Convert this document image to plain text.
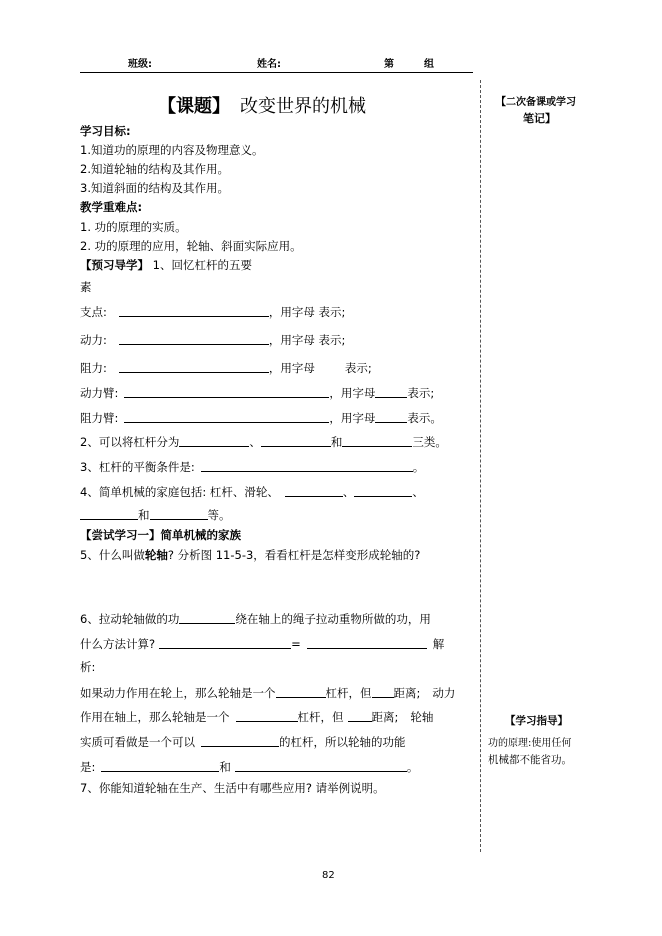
班级:	姓名:	第	组
【课题】 改变世界的机械
学习目标:
1.知道功的原理的内容及物理意义。
2.知道轮轴的结构及其作用。
3.知道斜面的结构及其作用。
教学重难点:
1. 功的原理的实质。
2. 功的原理的应用，轮轴、斜面实际应用。
【预习导学】 1、回忆杠杆的五要
素
支点:	，用字母 表示;
动力:	，用字母 表示;
阻力:	，用字母	表示;
动力臂:	，用字母	表示;
阻力臂:	，用字母	表示。
2、可以将杠杆分为	、	和	三类。
3、杠杆的平衡条件是:	。
4、简单机械的家庭包括: 杠杆、滑轮、	、	、
和	等。
【尝试学习一】简单机械的家族
5、什么叫做轮轴? 分析图 11-5-3，看看杠杆是怎样变形成轮轴的?
6、拉动轮轴做的功	绕在轴上的绳子拉动重物所做的功，用
什么方法计算?	=	解
析:
如果动力作用在轮上，那么轮轴是一个	杠杆，但 距离; 动力
作用在轴上，那么轮轴是一个	杠杆，但 距离; 轮轴
实质可看做是一个可以	的杠杆，所以轮轴的功能
是:	和	。
7、你能知道轮轴在生产、生活中有哪些应用? 请举例说明。
【二次备课或学习
笔记】
【学习指导】
功的原理:使用任何
机械都不能省功。
82
